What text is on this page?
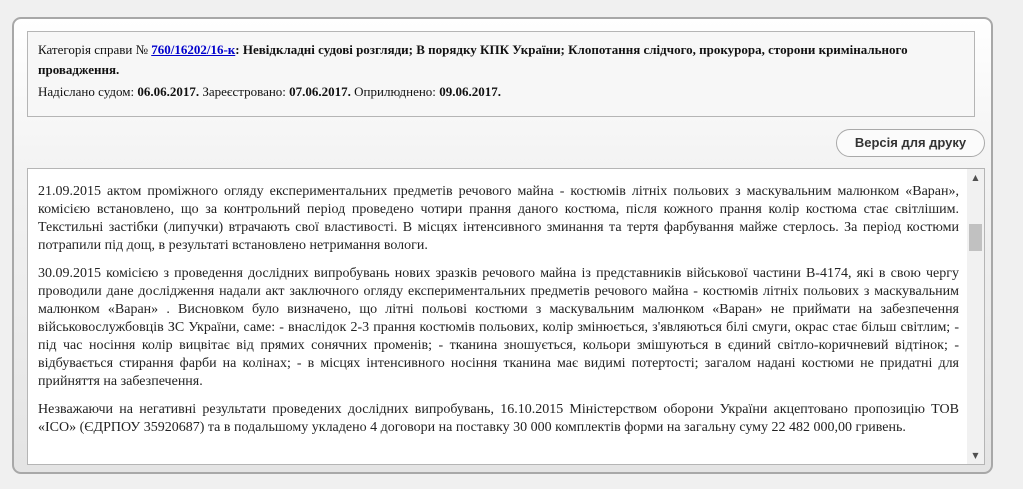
Категорія справи № 760/16202/16-к: Невідкладні судові розгляди; В порядку КПК України; Клопотання слідчого, прокурора, сторони кримінального провадження.
Надіслано судом: 06.06.2017. Зареєстровано: 07.06.2017. Оприлюднено: 09.06.2017.
Версія для друку

21.09.2015 актом проміжного огляду експериментальних предметів речового майна - костюмів літніх польових з маскувальним малюнком «Варан», комісією встановлено, що за контрольний період проведено чотири прання даного костюма, після кожного прання колір костюма стає світлішим. Текстильні застібки (липучки) втрачають свої властивості. В місцях інтенсивного зминання та тертя фарбування майже стерлось. За період костюми потрапили під дощ, в результаті встановлено нетримання вологи.

30.09.2015 комісією з проведення дослідних випробувань нових зразків речового майна із представників військової частини В-4174, які в свою чергу проводили дане дослідження надали акт заключного огляду експериментальних предметів речового майна - костюмів літніх польових з маскувальним малюнком «Варан» . Висновком було визначено, що літні польові костюми з маскувальним малюнком «Варан» не приймати на забезпечення військовослужбовців ЗС України, саме: - внаслідок 2-3 прання костюмів польових, колір змінюється, з'являються білі смуги, окрас стає більш світлим; - під час носіння колір вицвітає від прямих сонячних променів; - тканина зношується, кольори змішуються в єдиний світло-коричневий відтінок; - відбувається стирання фарби на колінах; - в місцях інтенсивного носіння тканина має видимі потертості; загалом надані костюми не придатні для прийняття на забезпечення.

Незважаючи на негативні результати проведених дослідних випробувань, 16.10.2015 Міністерством оборони України акцептовано пропозицію ТОВ «ІСО» (ЄДРПОУ 35920687) та в подальшому укладено 4 договори на поставку 30 000 комплектів форми на загальну суму 22 482 000,00 гривень.

▲
▼
